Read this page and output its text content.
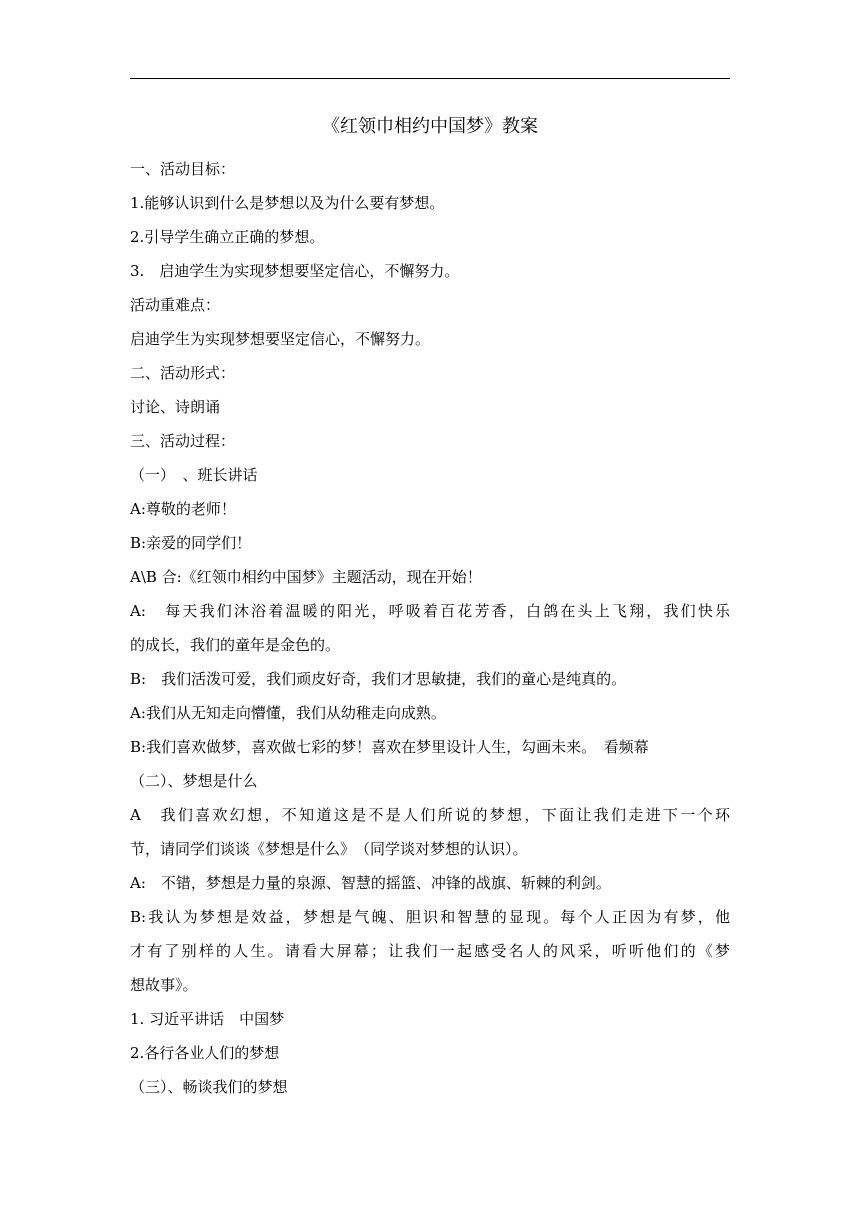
《红领巾相约中国梦》教案
一、活动目标：
1.能够认识到什么是梦想以及为什么要有梦想。
2.引导学生确立正确的梦想。
3.　启迪学生为实现梦想要坚定信心，不懈努力。
活动重难点：
启迪学生为实现梦想要坚定信心，不懈努力。
二、活动形式：
讨论、诗朗诵
三、活动过程：
（一）　、班长讲话
A:尊敬的老师！
B:亲爱的同学们！
A\B 合:《红领巾相约中国梦》主题活动，现在开始！
A:　每天我们沐浴着温暖的阳光，呼吸着百花芳香，白鸽在头上飞翔，我们快乐
的成长，我们的童年是金色的。
B:　我们活泼可爱，我们顽皮好奇，我们才思敏捷，我们的童心是纯真的。
A:我们从无知走向懵懂，我们从幼稚走向成熟。
B:我们喜欢做梦，喜欢做七彩的梦！喜欢在梦里设计人生，勾画未来。　看频幕
（二）、梦想是什么
A　我们喜欢幻想，不知道这是不是人们所说的梦想，下面让我们走进下一个环
节，请同学们谈谈《梦想是什么》　（同学谈对梦想的认识）。
A:　不错，梦想是力量的泉源、智慧的摇篮、冲锋的战旗、斩棘的利剑。
B:我认为梦想是效益，梦想是气魄、胆识和智慧的显现。每个人正因为有梦，他
才有了别样的人生。请看大屏幕；让我们一起感受名人的风采，听听他们的《梦
想故事》。
1. 习近平讲话　中国梦
2.各行各业人们的梦想
（三）、畅谈我们的梦想
